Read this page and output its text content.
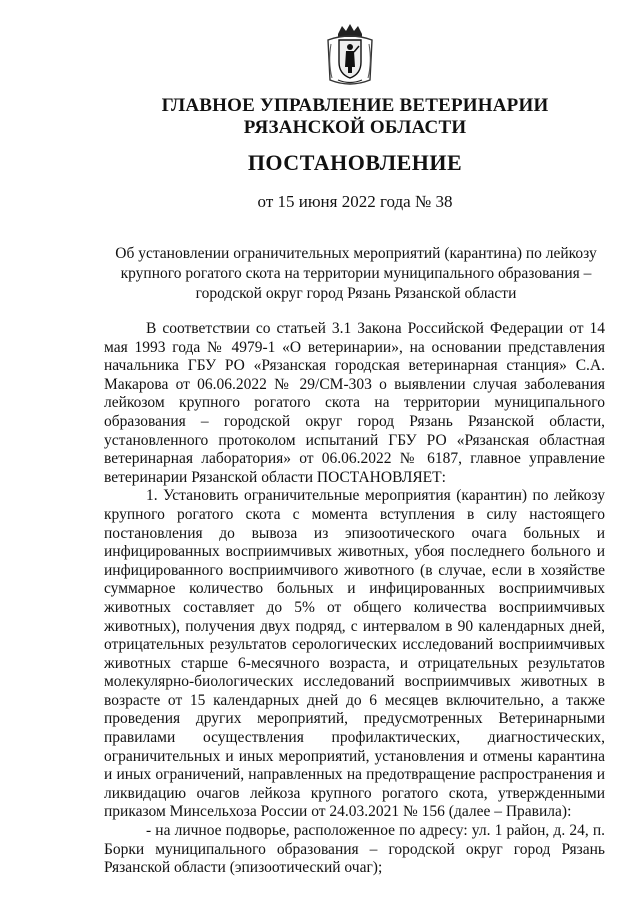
ГЛАВНОЕ УПРАВЛЕНИЕ ВЕТЕРИНАРИИ
РЯЗАНСКОЙ ОБЛАСТИ
ПОСТАНОВЛЕНИЕ
от 15 июня 2022 года № 38
Об установлении ограничительных мероприятий (карантина) по лейкозу крупного рогатого скота на территории муниципального образования – городской округ город Рязань Рязанской области

В соответствии со статьей 3.1 Закона Российской Федерации от 14 мая 1993 года № 4979-1 «О ветеринарии», на основании представления начальника ГБУ РО «Рязанская городская ветеринарная станция» С.А. Макарова от 06.06.2022 № 29/СМ-303 о выявлении случая заболевания лейкозом крупного рогатого скота на территории муниципального образования – городской округ город Рязань Рязанской области, установленного протоколом испытаний ГБУ РО «Рязанская областная ветеринарная лаборатория» от 06.06.2022 № 6187, главное управление ветеринарии Рязанской области ПОСТАНОВЛЯЕТ:

1. Установить ограничительные мероприятия (карантин) по лейкозу крупного рогатого скота с момента вступления в силу настоящего постановления до вывоза из эпизоотического очага больных и инфицированных восприимчивых животных, убоя последнего больного и инфицированного восприимчивого животного (в случае, если в хозяйстве суммарное количество больных и инфицированных восприимчивых животных составляет до 5% от общего количества восприимчивых животных), получения двух подряд, с интервалом в 90 календарных дней, отрицательных результатов серологических исследований восприимчивых животных старше 6-месячного возраста, и отрицательных результатов молекулярно-биологических исследований восприимчивых животных в возрасте от 15 календарных дней до 6 месяцев включительно, а также проведения других мероприятий, предусмотренных Ветеринарными правилами осуществления профилактических, диагностических, ограничительных и иных мероприятий, установления и отмены карантина и иных ограничений, направленных на предотвращение распространения и ликвидацию очагов лейкоза крупного рогатого скота, утвержденными приказом Минсельхоза России от 24.03.2021 № 156 (далее – Правила):

- на личное подворье, расположенное по адресу: ул. 1 район, д. 24, п. Борки муниципального образования – городской округ город Рязань Рязанской области (эпизоотический очаг);
